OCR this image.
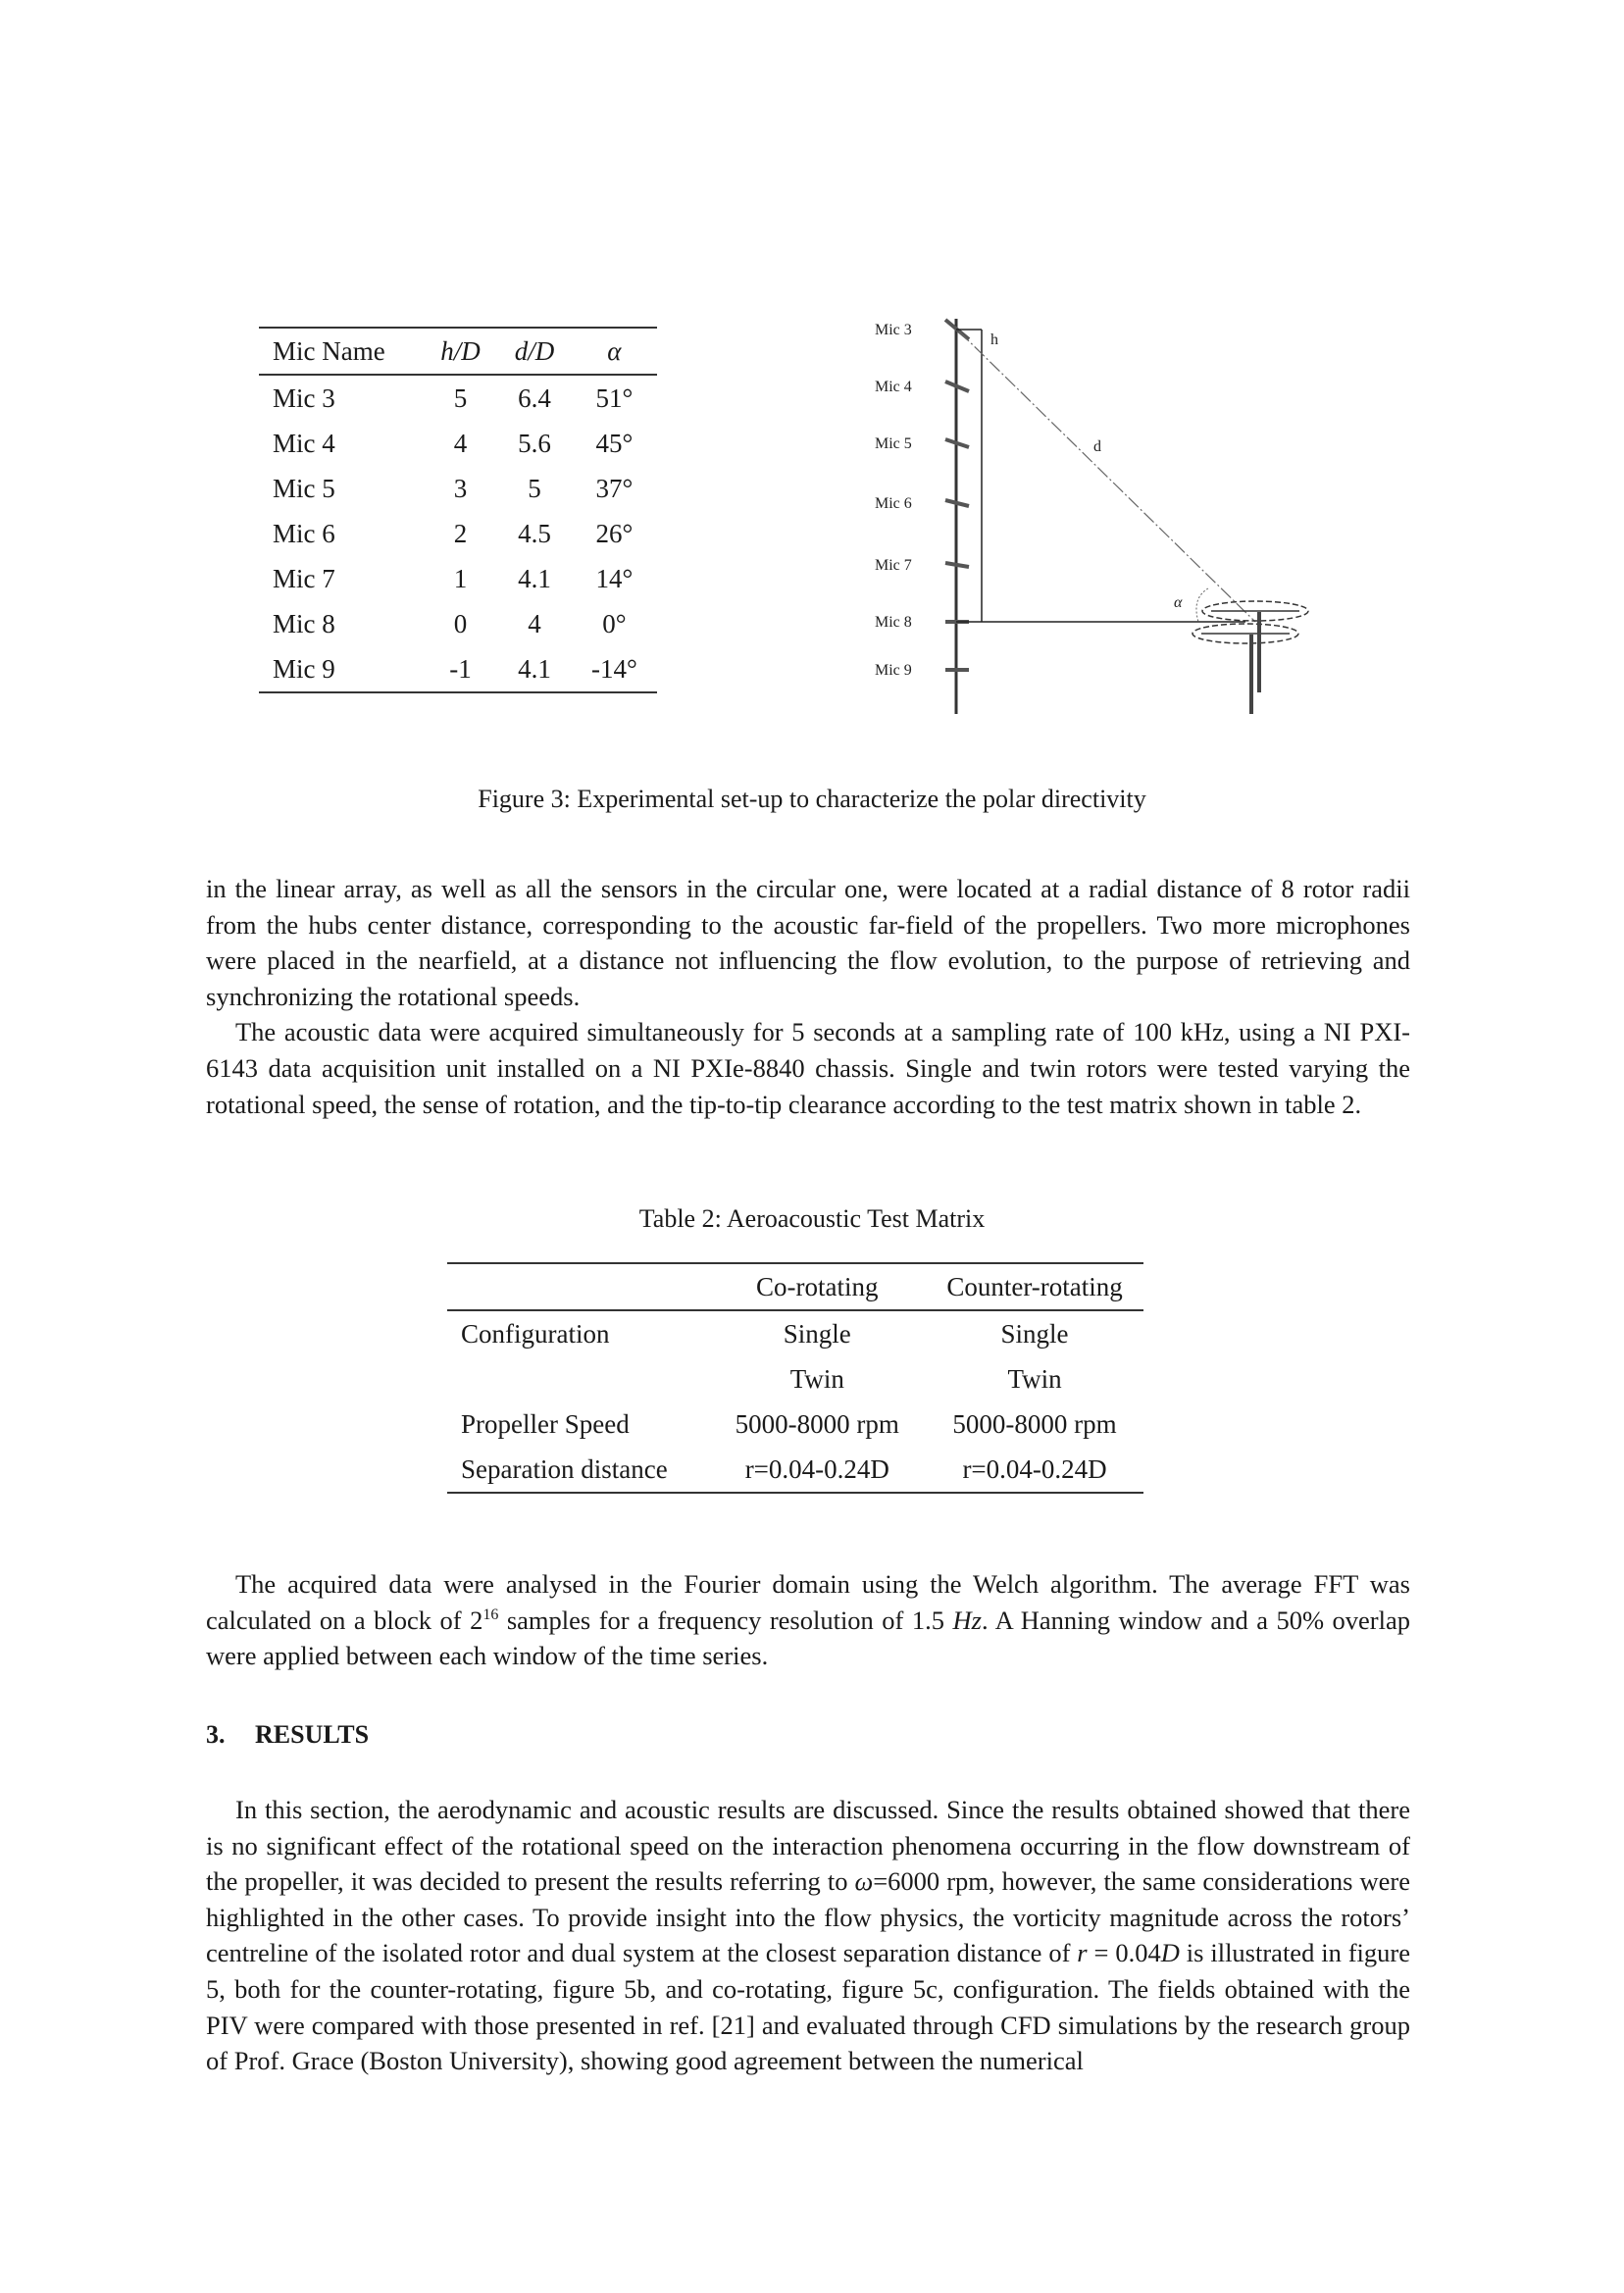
Mic Name	h/D	d/D	α
Mic 3	5	6.4	51°
Mic 4	4	5.6	45°
Mic 5	3	5	37°
Mic 6	2	4.5	26°
Mic 7	1	4.1	14°
Mic 8	0	4	0°
Mic 9	-1	4.1	-14°
Mic 3
Mic 4
Mic 5
Mic 6
Mic 7
Mic 8
Mic 9
h
d
α
Figure 3: Experimental set-up to characterize the polar directivity

in the linear array, as well as all the sensors in the circular one, were located at a radial distance of 8 rotor radii from the hubs center distance, corresponding to the acoustic far-field of the propellers. Two more microphones were placed in the nearfield, at a distance not influencing the flow evolution, to the purpose of retrieving and synchronizing the rotational speeds.

The acoustic data were acquired simultaneously for 5 seconds at a sampling rate of 100 kHz, using a NI PXI-6143 data acquisition unit installed on a NI PXIe-8840 chassis. Single and twin rotors were tested varying the rotational speed, the sense of rotation, and the tip-to-tip clearance according to the test matrix shown in table 2.

Table 2: Aeroacoustic Test Matrix
	Co-rotating	Counter-rotating
Configuration	Single	Single
	Twin	Twin
Propeller Speed	5000-8000 rpm	5000-8000 rpm
Separation distance	r=0.04-0.24D	r=0.04-0.24D

The acquired data were analysed in the Fourier domain using the Welch algorithm. The average FFT was calculated on a block of $2^{16}$ samples for a frequency resolution of 1.5 Hz. A Hanning window and a 50% overlap were applied between each window of the time series.

3. RESULTS

In this section, the aerodynamic and acoustic results are discussed. Since the results obtained showed that there is no significant effect of the rotational speed on the interaction phenomena occurring in the flow downstream of the propeller, it was decided to present the results referring to ω=6000 rpm, however, the same considerations were highlighted in the other cases. To provide insight into the flow physics, the vorticity magnitude across the rotors’ centreline of the isolated rotor and dual system at the closest separation distance of r = 0.04D is illustrated in figure 5, both for the counter-rotating, figure 5b, and co-rotating, figure 5c, configuration. The fields obtained with the PIV were compared with those presented in ref. [21] and evaluated through CFD simulations by the research group of Prof. Grace (Boston University), showing good agreement between the numerical
